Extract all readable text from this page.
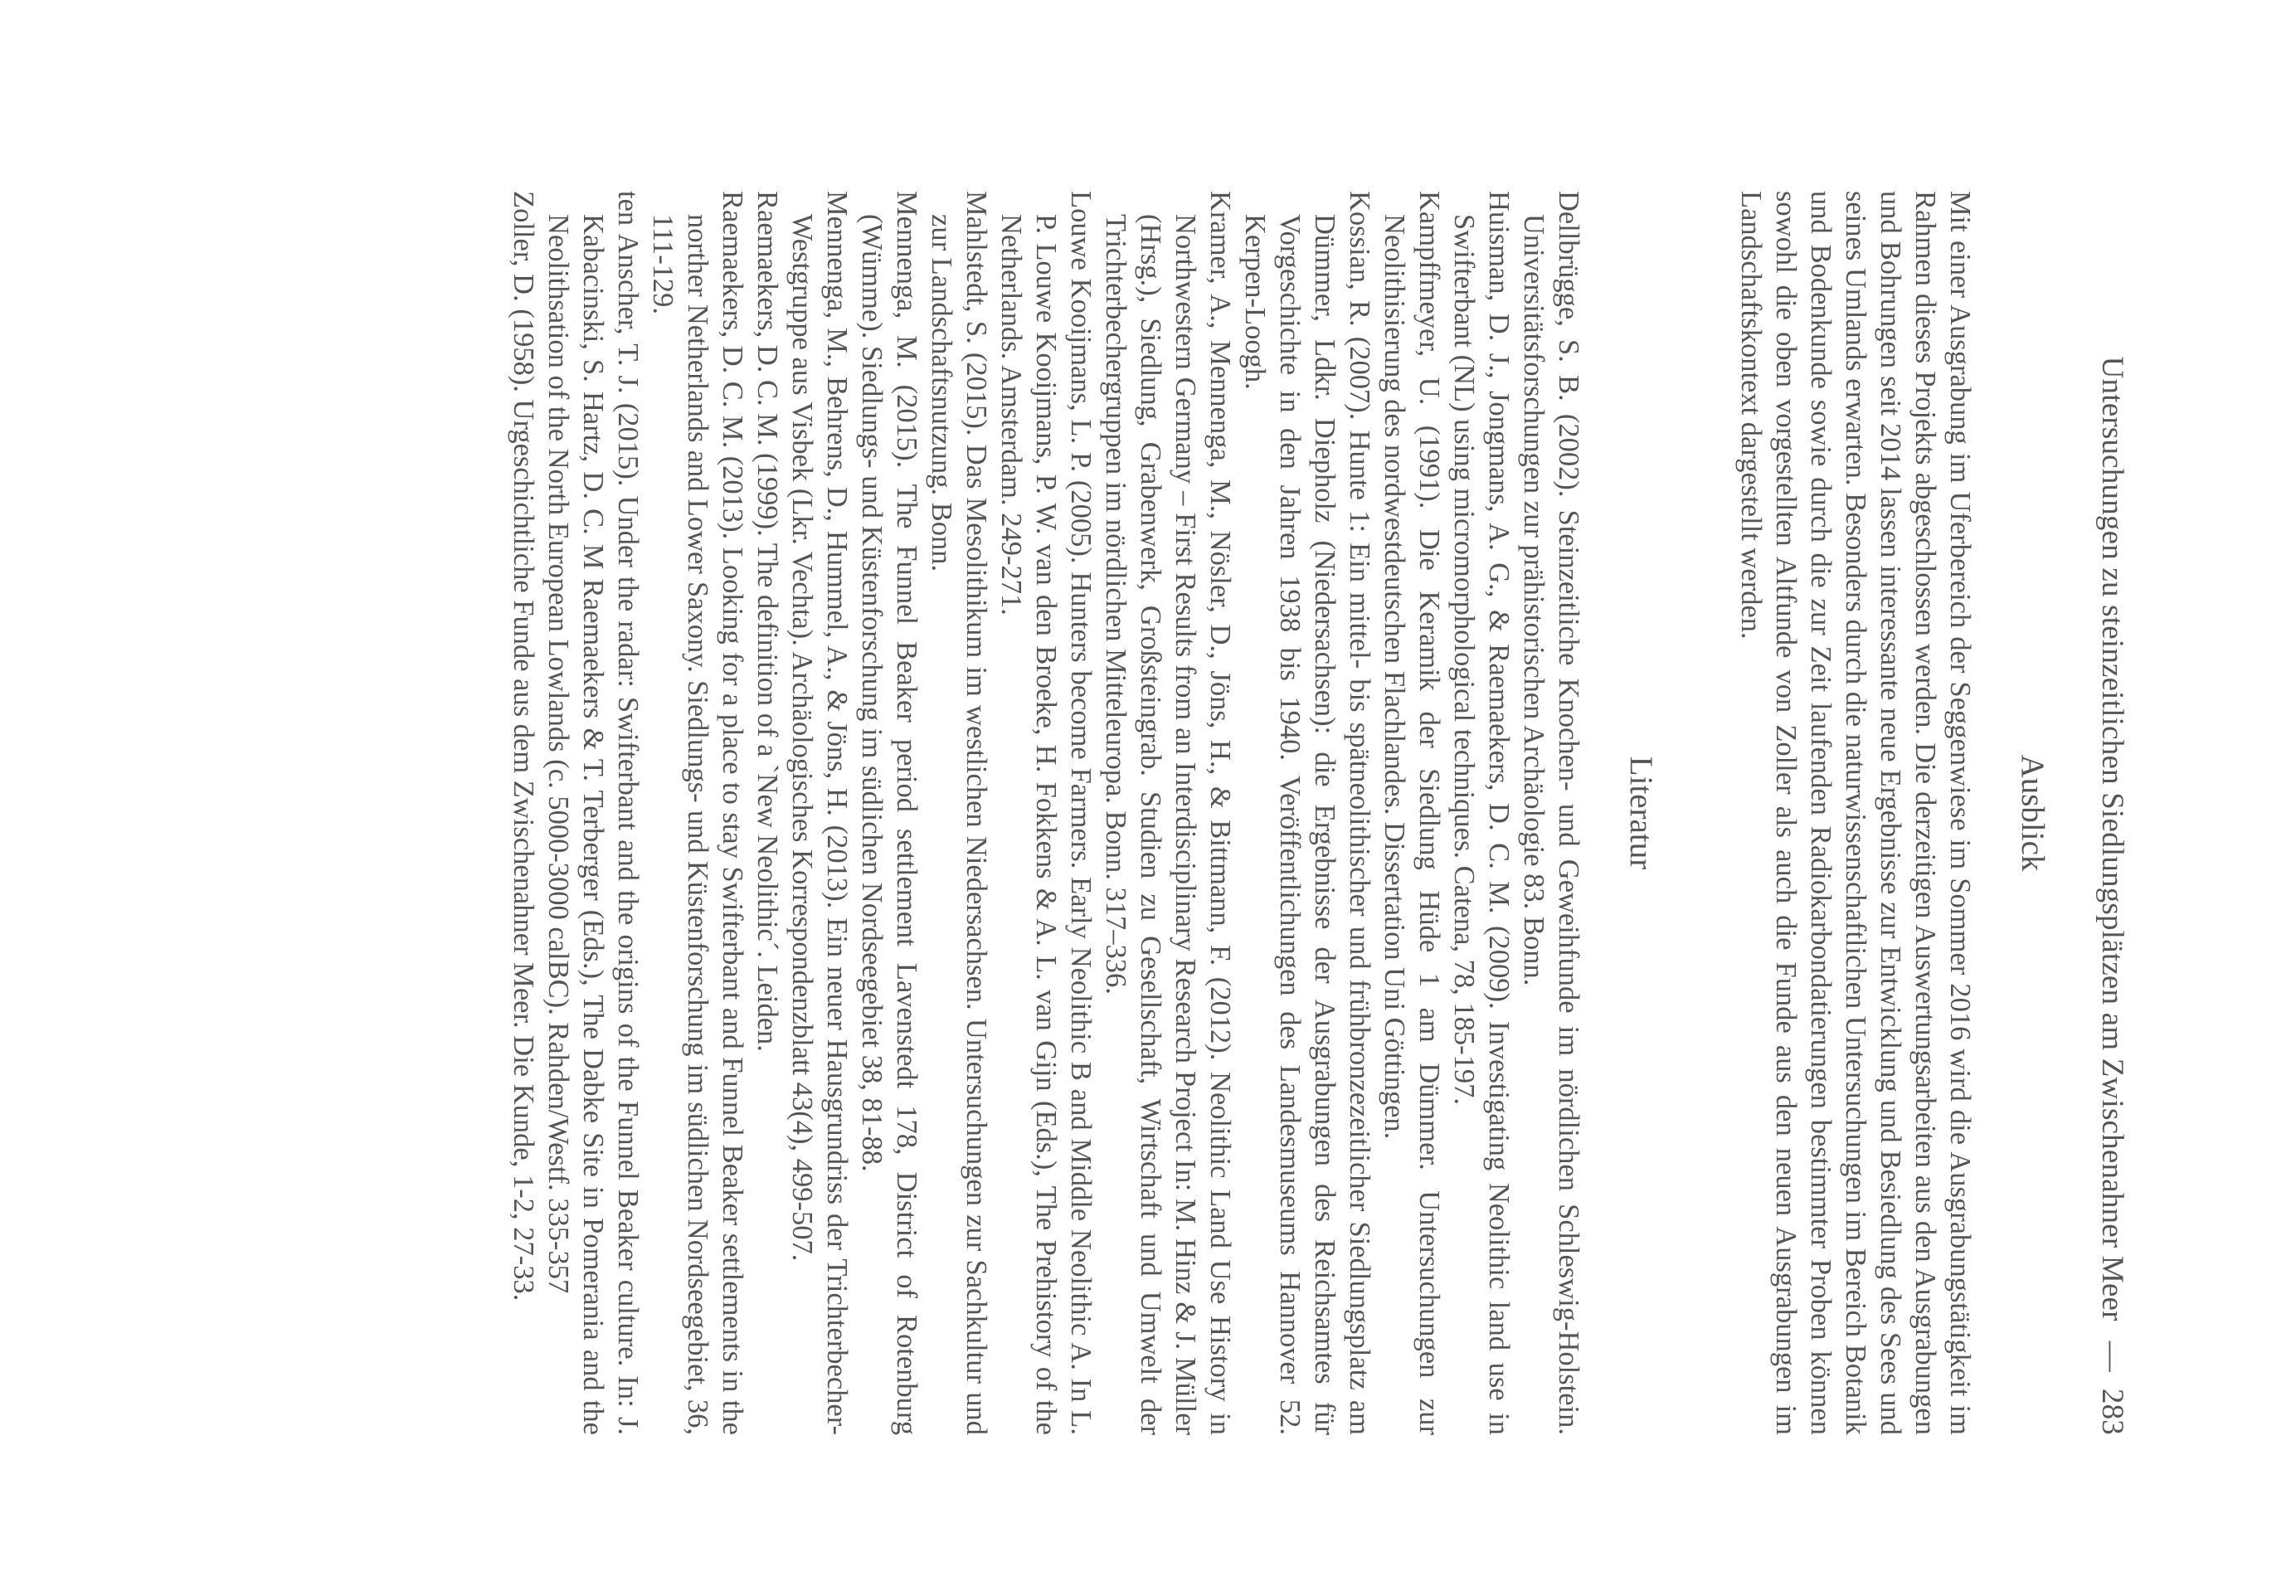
Untersuchungen zu steinzeitlichen Siedlungsplätzen am Zwischenahner Meer
—
283
Ausblick

Mit einer Ausgrabung im Uferbereich der Seggenwiese im Sommer 2016 wird die Ausgrabungstätigkeit im Rahmen dieses Projekts abgeschlossen werden. Die derzeitigen Auswertungsarbeiten aus den Ausgrabungen und Bohrungen seit 2014 lassen interessante neue Ergebnisse zur Entwicklung und Besiedlung des Sees und seines Umlands erwarten. Besonders durch die naturwissenschaftlichen Untersuchungen im Bereich Botanik und Bodenkunde sowie durch die zur Zeit laufenden Radiokarbondatierungen bestimmter Proben können sowohl die oben vorgestellten Altfunde von Zoller als auch die Funde aus den neuen Ausgrabungen im Landschaftskontext dargestellt werden.

Literatur

Dellbrügge, S. B. (2002). Steinzeitliche Knochen- und Geweihfunde im nördlichen Schleswig-Holstein. Universitätsforschungen zur prähistorischen Archäologie 83. Bonn.

Huisman, D. J., Jongmans, A. G., & Raemaekers, D. C. M. (2009). Investigating Neolithic land use in Swifterbant (NL) using micromorphological techniques. Catena, 78, 185-197.

Kampffmeyer, U. (1991). Die Keramik der Siedlung Hüde 1 am Dümmer. Untersuchungen zur Neolithisierung des nordwestdeutschen Flachlandes. Dissertation Uni Göttingen.

Kossian, R. (2007). Hunte 1: Ein mittel- bis spätneolithischer und frühbronzezeitlicher Siedlungsplatz am Dümmer, Ldkr. Diepholz (Niedersachsen): die Ergebnisse der Ausgrabungen des Reichsamtes für Vorgeschichte in den Jahren 1938 bis 1940. Veröffentlichungen des Landesmuseums Hannover 52. Kerpen-Loogh.

Kramer, A., Mennenga, M., Nösler, D., Jöns, H., & Bittmann, F. (2012). Neolithic Land Use History in Northwestern Germany – First Results from an Interdisciplinary Research Project In: M. Hinz & J. Müller (Hrsg.), Siedlung, Grabenwerk, Großsteingrab. Studien zu Gesellschaft, Wirtschaft und Umwelt der Trichterbechergruppen im nördlichen Mitteleuropa. Bonn. 317–336.

Louwe Kooijmans, L. P. (2005). Hunters become Farmers. Early Neolithic B and Middle Neolithic A. In L. P. Louwe Kooijmans, P. W. van den Broeke, H. Fokkens & A. L. van Gijn (Eds.), The Prehistory of the Netherlands. Amsterdam. 249-271.

Mahlstedt, S. (2015). Das Mesolithikum im westlichen Niedersachsen. Untersuchungen zur Sachkultur und zur Landschaftsnutzung. Bonn.

Mennenga, M. (2015). The Funnel Beaker period settlement Lavenstedt 178, District of Rotenburg (Wümme). Siedlungs- und Küstenforschung im südlichen Nordseegebiet 38, 81-88.

Mennenga, M., Behrens, D., Hummel, A., & Jöns, H. (2013). Ein neuer Hausgrundriss der Trichterbecher-Westgruppe aus Visbek (Lkr. Vechta). Archäologisches Korrespondenzblatt 43(4), 499-507.

Raemaekers, D. C. M. (1999). The definition of a `New Neolithic´. Leiden.

Raemaekers, D. C. M. (2013). Looking for a place to stay Swifterbant and Funnel Beaker settlements in the norther Netherlands and Lower Saxony. Siedlungs- und Küstenforschung im südlichen Nordseegebiet, 36, 111-129.

ten Anscher, T. J. (2015). Under the radar: Swifterbant and the origins of the Funnel Beaker culture. In: J. Kabacinski, S. Hartz, D. C. M Raemaekers & T. Terberger (Eds.), The Dabke Site in Pomerania and the Neolithsation of the North European Lowlands (c. 5000-3000 calBC). Rahden/Westf. 335-357

Zoller, D. (1958). Urgeschichtliche Funde aus dem Zwischenahner Meer. Die Kunde, 1-2, 27-33.
